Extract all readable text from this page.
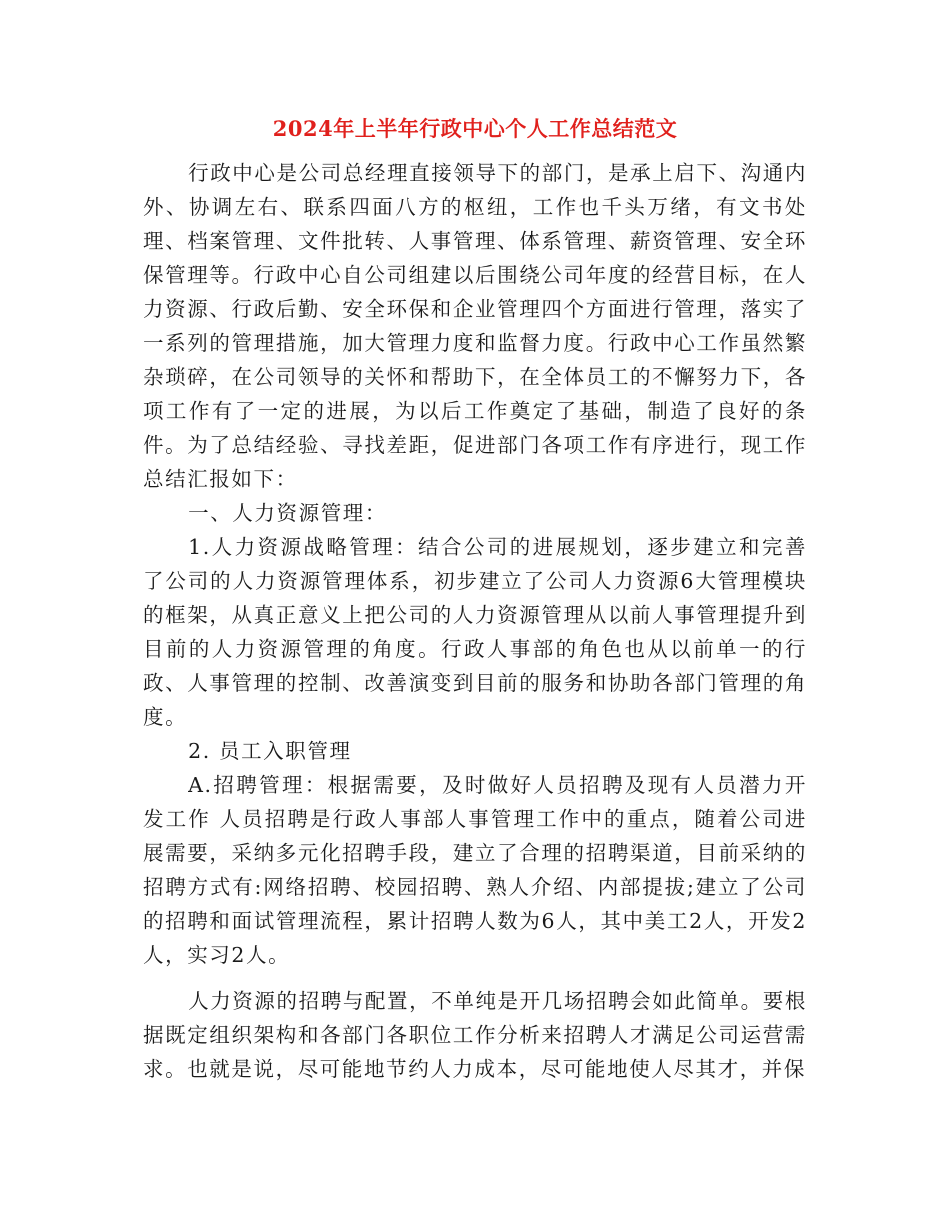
2024年上半年行政中心个人工作总结范文

行政中心是公司总经理直接领导下的部门，是承上启下、沟通内外、协调左右、联系四面八方的枢纽，工作也千头万绪，有文书处理、档案管理、文件批转、人事管理、体系管理、薪资管理、安全环保管理等。行政中心自公司组建以后围绕公司年度的经营目标，在人力资源、行政后勤、安全环保和企业管理四个方面进行管理，落实了一系列的管理措施，加大管理力度和监督力度。行政中心工作虽然繁杂琐碎，在公司领导的关怀和帮助下，在全体员工的不懈努力下，各项工作有了一定的进展，为以后工作奠定了基础，制造了良好的条件。为了总结经验、寻找差距，促进部门各项工作有序进行，现工作总结汇报如下：

一、人力资源管理：

1.人力资源战略管理：结合公司的进展规划，逐步建立和完善了公司的人力资源管理体系，初步建立了公司人力资源6大管理模块的框架，从真正意义上把公司的人力资源管理从以前人事管理提升到目前的人力资源管理的角度。行政人事部的角色也从以前单一的行政、人事管理的控制、改善演变到目前的服务和协助各部门管理的角度。

2. 员工入职管理

A.招聘管理：根据需要，及时做好人员招聘及现有人员潜力开发工作 人员招聘是行政人事部人事管理工作中的重点，随着公司进展需要，采纳多元化招聘手段，建立了合理的招聘渠道，目前采纳的招聘方式有:网络招聘、校园招聘、熟人介绍、内部提拔;建立了公司的招聘和面试管理流程，累计招聘人数为6人，其中美工2人，开发2人，实习2人。

人力资源的招聘与配置，不单纯是开几场招聘会如此简单。要根据既定组织架构和各部门各职位工作分析来招聘人才满足公司运营需求。也就是说，尽可能地节约人力成本，尽可能地使人尽其才，并保
